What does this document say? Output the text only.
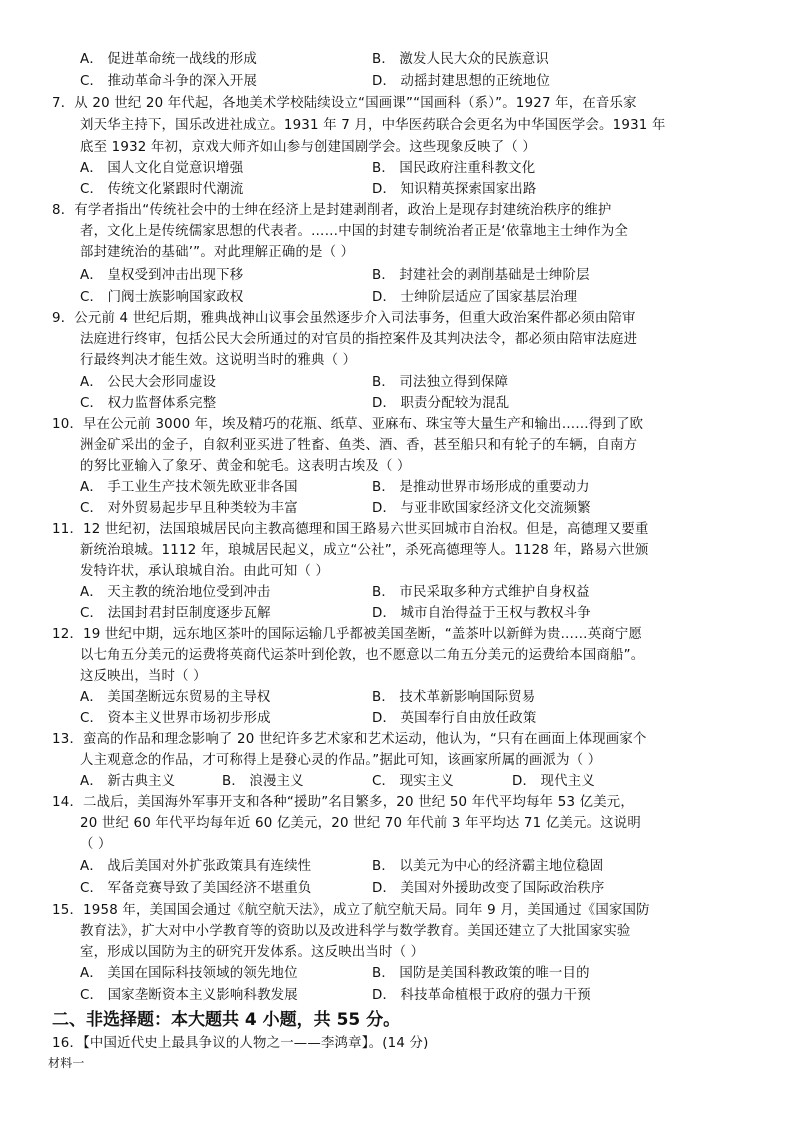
A． 促进革命统一战线的形成	B． 激发人民大众的民族意识
C． 推动革命斗争的深入开展	D． 动摇封建思想的正统地位
7．从 20 世纪 20 年代起，各地美术学校陆续设立“国画课”“国画科（系）”。1927 年，在音乐家
刘天华主持下，国乐改进社成立。1931 年 7 月，中华医药联合会更名为中华国医学会。1931 年
底至 1932 年初，京戏大师齐如山参与创建国剧学会。这些现象反映了（ ）
A． 国人文化自觉意识增强	B． 国民政府注重科教文化
C． 传统文化紧跟时代潮流	D． 知识精英探索国家出路
8．有学者指出“传统社会中的士绅在经济上是封建剥削者，政治上是现存封建统治秩序的维护
者，文化上是传统儒家思想的代表者。……中国的封建专制统治者正是‘依靠地主士绅作为全
部封建统治的基础’”。对此理解正确的是（ ）
A． 皇权受到冲击出现下移	B． 封建社会的剥削基础是士绅阶层
C． 门阀士族影响国家政权	D． 士绅阶层适应了国家基层治理
9．公元前 4 世纪后期，雅典战神山议事会虽然逐步介入司法事务，但重大政治案件都必须由陪审
法庭进行终审，包括公民大会所通过的对官员的指控案件及其判决法令，都必须由陪审法庭进
行最终判决才能生效。这说明当时的雅典（ ）
A． 公民大会形同虚设	B． 司法独立得到保障
C． 权力监督体系完整	D． 职责分配较为混乱
10．早在公元前 3000 年，埃及精巧的花瓶、纸草、亚麻布、珠宝等大量生产和输出……得到了欧
洲金矿采出的金子，自叙利亚买进了牲畜、鱼类、酒、香，甚至船只和有轮子的车辆，自南方
的努比亚输入了象牙、黄金和鸵毛。这表明古埃及（ ）
A． 手工业生产技术领先欧亚非各国	B． 是推动世界市场形成的重要动力
C． 对外贸易起步早且种类较为丰富	D． 与亚非欧国家经济文化交流频繁
11．12 世纪初，法国琅城居民向主教高德理和国王路易六世买回城市自治权。但是，高德理又要重
新统治琅城。1112 年，琅城居民起义，成立“公社”，杀死高德理等人。1128 年，路易六世颁
发特许状，承认琅城自治。由此可知（ ）
A． 天主教的统治地位受到冲击	B． 市民采取多种方式维护自身权益
C． 法国封君封臣制度逐步瓦解	D． 城市自治得益于王权与教权斗争
12．19 世纪中期，远东地区茶叶的国际运输几乎都被美国垄断，“盖茶叶以新鲜为贵……英商宁愿
以七角五分美元的运费将英商代运茶叶到伦敦，也不愿意以二角五分美元的运费给本国商船”。
这反映出，当时（ ）
A． 美国垄断远东贸易的主导权	B． 技术革新影响国际贸易
C． 资本主义世界市场初步形成	D． 英国奉行自由放任政策
13．蛮高的作品和理念影响了 20 世纪许多艺术家和艺术运动，他认为，“只有在画面上体现画家个
人主观意念的作品，才可称得上是發心灵的作品。”据此可知，该画家所属的画派为（ ）
A． 新古典主义	B． 浪漫主义	C． 现实主义	D． 现代主义
14．二战后，美国海外军事开支和各种“援助”名目繁多，20 世纪 50 年代平均每年 53 亿美元，
20 世纪 60 年代平均每年近 60 亿美元，20 世纪 70 年代前 3 年平均达 71 亿美元。这说明
（ ）
A． 战后美国对外扩张政策具有连续性	B． 以美元为中心的经济霸主地位稳固
C． 军备竞赛导致了美国经济不堪重负	D． 美国对外援助改变了国际政治秩序
15．1958 年，美国国会通过《航空航天法》，成立了航空航天局。同年 9 月，美国通过《国家国防
教育法》，扩大对中小学教育等的资助以及改进科学与数学教育。美国还建立了大批国家实验
室，形成以国防为主的研究开发体系。这反映出当时（ ）
A． 美国在国际科技领域的领先地位	B． 国防是美国科教政策的唯一目的
C． 国家垄断资本主义影响科教发展	D． 科技革命植根于政府的强力干预
二、非选择题：本大题共 4 小题，共 55 分。
16．【中国近代史上最具争议的人物之一——李鸿章】。(14 分)
材料一
